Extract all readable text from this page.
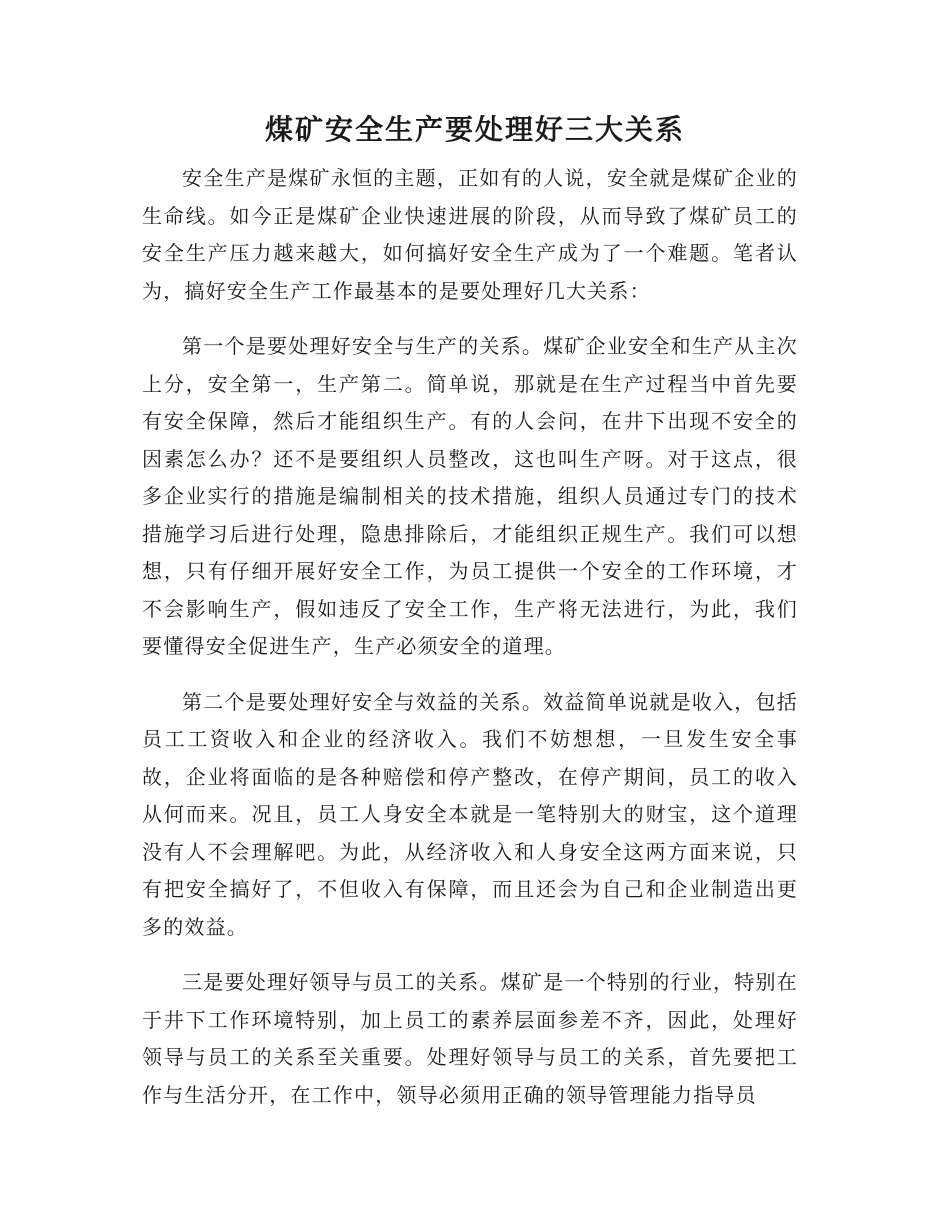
煤矿安全生产要处理好三大关系

安全生产是煤矿永恒的主题，正如有的人说，安全就是煤矿企业的生命线。如今正是煤矿企业快速进展的阶段，从而导致了煤矿员工的安全生产压力越来越大，如何搞好安全生产成为了一个难题。笔者认为，搞好安全生产工作最基本的是要处理好几大关系：

第一个是要处理好安全与生产的关系。煤矿企业安全和生产从主次上分，安全第一，生产第二。简单说，那就是在生产过程当中首先要有安全保障，然后才能组织生产。有的人会问，在井下出现不安全的因素怎么办？还不是要组织人员整改，这也叫生产呀。对于这点，很多企业实行的措施是编制相关的技术措施，组织人员通过专门的技术措施学习后进行处理，隐患排除后，才能组织正规生产。我们可以想想，只有仔细开展好安全工作，为员工提供一个安全的工作环境，才不会影响生产，假如违反了安全工作，生产将无法进行，为此，我们要懂得安全促进生产，生产必须安全的道理。

第二个是要处理好安全与效益的关系。效益简单说就是收入，包括员工工资收入和企业的经济收入。我们不妨想想，一旦发生安全事故，企业将面临的是各种赔偿和停产整改，在停产期间，员工的收入从何而来。况且，员工人身安全本就是一笔特别大的财宝，这个道理没有人不会理解吧。为此，从经济收入和人身安全这两方面来说，只有把安全搞好了，不但收入有保障，而且还会为自己和企业制造出更多的效益。

三是要处理好领导与员工的关系。煤矿是一个特别的行业，特别在于井下工作环境特别，加上员工的素养层面参差不齐，因此，处理好领导与员工的关系至关重要。处理好领导与员工的关系，首先要把工作与生活分开，在工作中，领导必须用正确的领导管理能力指导员
